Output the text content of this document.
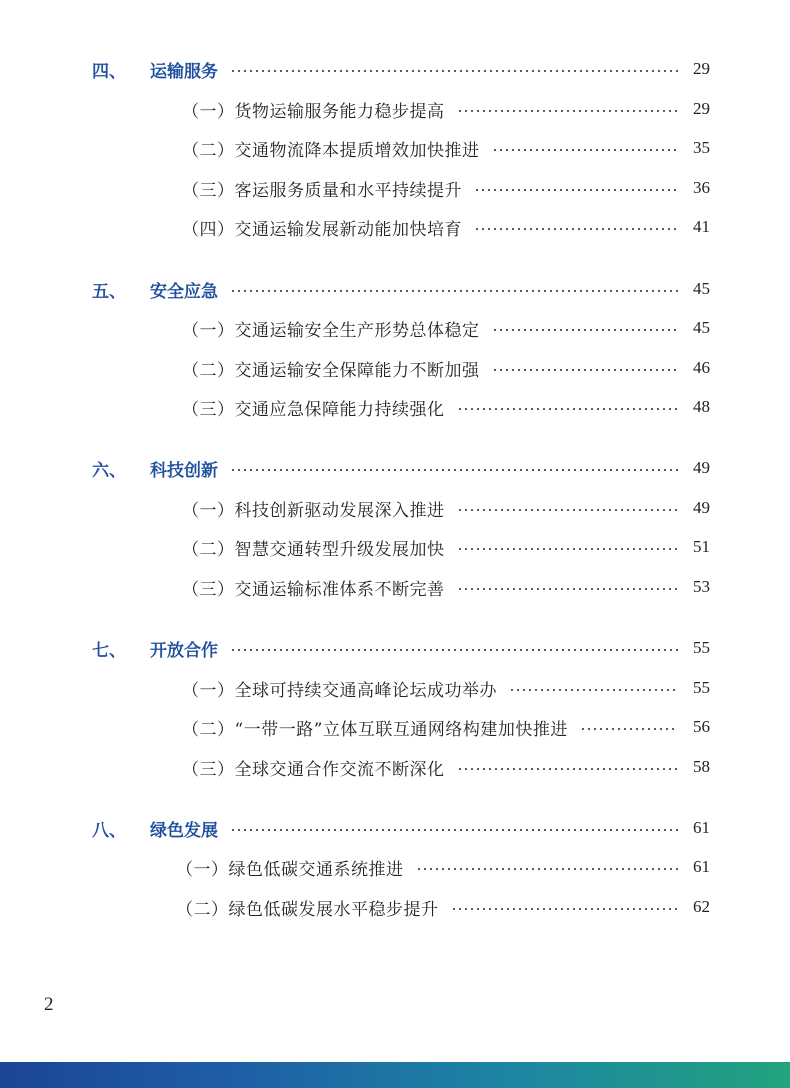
四、 运输服务	29
（一）货物运输服务能力稳步提高	29
（二）交通物流降本提质增效加快推进	35
（三）客运服务质量和水平持续提升	36
（四）交通运输发展新动能加快培育	41
五、 安全应急	45
（一）交通运输安全生产形势总体稳定	45
（二）交通运输安全保障能力不断加强	46
（三）交通应急保障能力持续强化	48
六、 科技创新	49
（一）科技创新驱动发展深入推进	49
（二）智慧交通转型升级发展加快	51
（三）交通运输标准体系不断完善	53
七、 开放合作	55
（一）全球可持续交通高峰论坛成功举办	55
（二）“一带一路”立体互联互通网络构建加快推进	56
（三）全球交通合作交流不断深化	58
八、 绿色发展	61
（一）绿色低碳交通系统推进	61
（二）绿色低碳发展水平稳步提升	62
2
